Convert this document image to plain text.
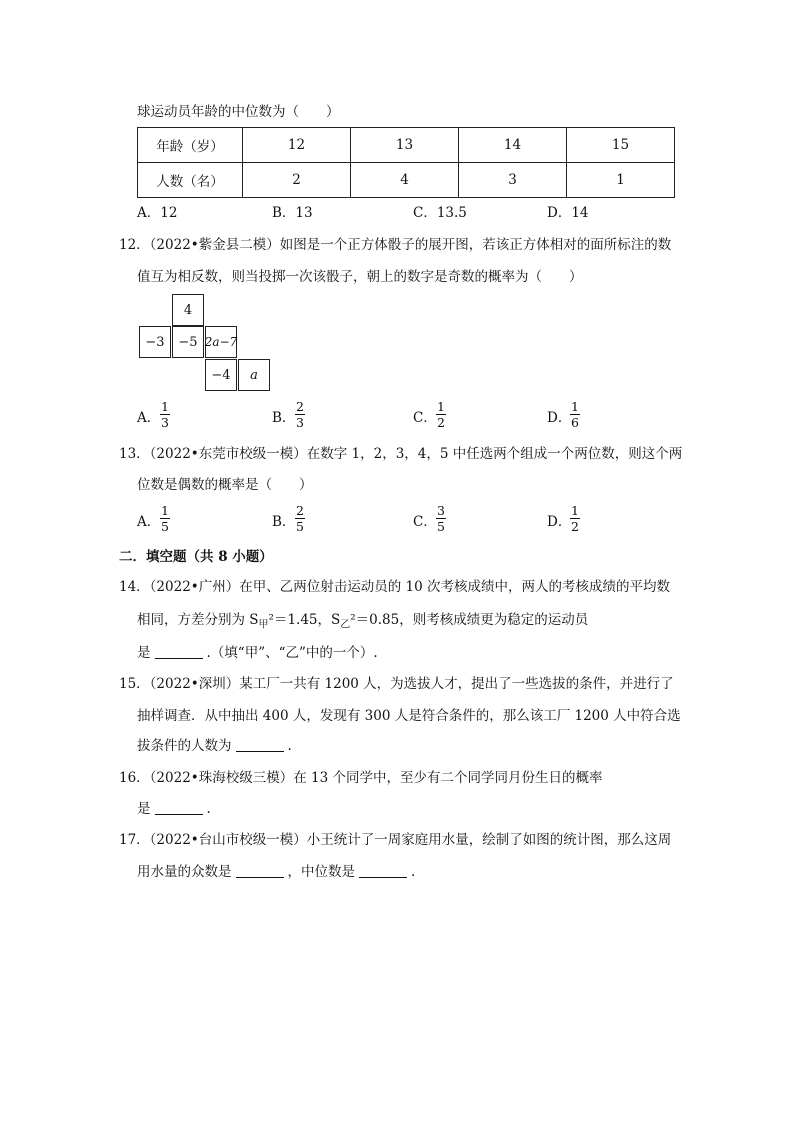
球运动员年龄的中位数为（　　）
年龄（岁）	12	13	14	15
人数（名）	2	4	3	1
A．12	B．13	C．13.5	D．14
12．（2022•紫金县二模）如图是一个正方体骰子的展开图，若该正方体相对的面所标注的数
值互为相反数，则当投掷一次该骰子，朝上的数字是奇数的概率为（　　）
4
−3	−5 2a−7
−4	a
A．
1
3	B．
2
3	C．
1
2	D．
1
6
13．（2022•东莞市校级一模）在数字 1，2，3，4，5 中任选两个组成一个两位数，则这个两
位数是偶数的概率是（　　）
A．
1
5	B．
2
5	C．
3
5	D．
1
2
二．填空题（共 8 小题）
14．（2022•广州）在甲、乙两位射击运动员的 10 次考核成绩中，两人的考核成绩的平均数
相同，方差分别为 $S_甲^2=1.45$，$S_乙^2=0.85$，则考核成绩更为稳定的运动员
是	.（填“甲”、“乙”中的一个）.
15．（2022•深圳）某工厂一共有 1200 人，为选拔人才，提出了一些选拔的条件，并进行了
抽样调查．从中抽出 400 人，发现有 300 人是符合条件的，那么该工厂 1200 人中符合选
拔条件的人数为	.
16．（2022•珠海校级三模）在 13 个同学中，至少有二个同学同月份生日的概率
是	.
17．（2022•台山市校级一模）小王统计了一周家庭用水量，绘制了如图的统计图，那么这周
用水量的众数是	，中位数是	.
